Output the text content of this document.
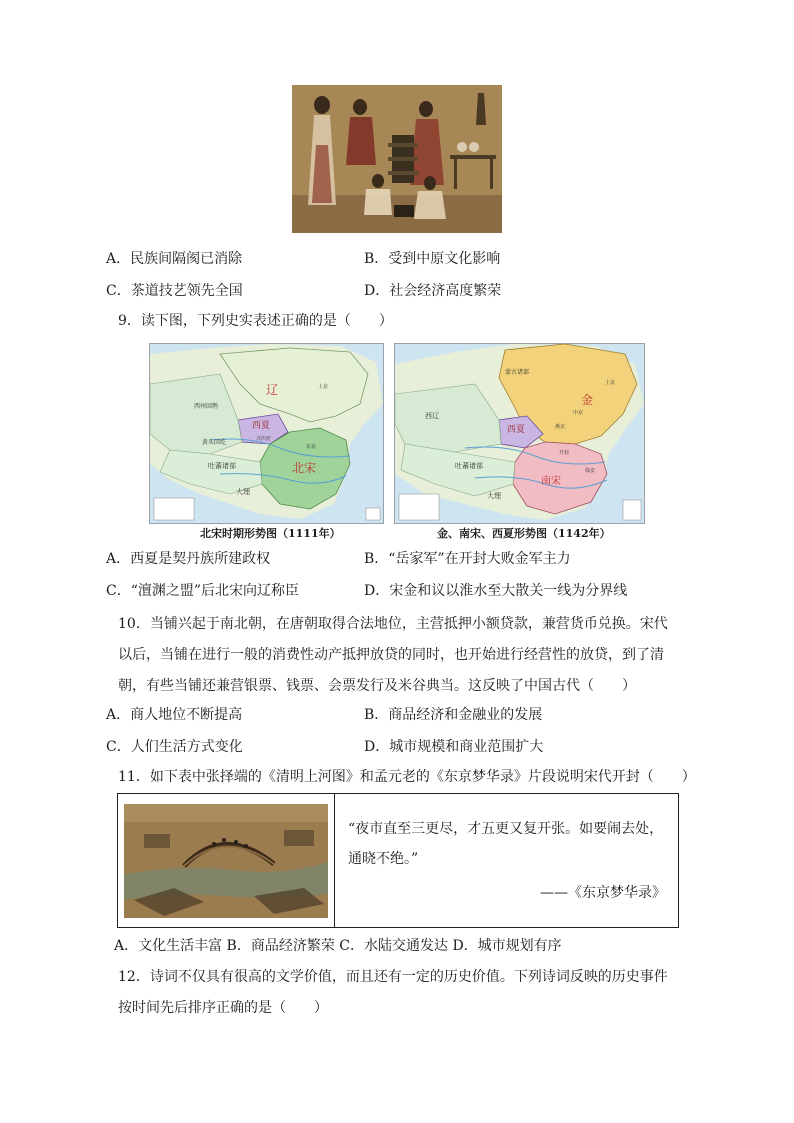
A．民族间隔阂已消除	B．受到中原文化影响
C．茶道技艺领先全国	D．社会经济高度繁荣
9．读下图，下列史实表述正确的是（　　）
辽
西夏
兴庆府
北宋
黄头回纥
西州回鹘
吐蕃诸部
大理
上京
东京
北宋时期形势图（1111年）
金
西夏
南宋
西辽
吐蕃诸部
大理
蒙古诸部
上京
中京
燕京
开封
临安
金、南宋、西夏形势图（1142年）
A．西夏是契丹族所建政权	B．“岳家军”在开封大败金军主力
C．“澶渊之盟”后北宋向辽称臣	D．宋金和议以淮水至大散关一线为分界线
10．当铺兴起于南北朝，在唐朝取得合法地位，主营抵押小额贷款，兼营货币兑换。宋代以后，当铺在进行一般的消费性动产抵押放贷的同时，也开始进行经营性的放贷，到了清朝，有些当铺还兼营银票、钱票、会票发行及米谷典当。这反映了中国古代（　　）
A．商人地位不断提高	B．商品经济和金融业的发展
C．人们生活方式变化	D．城市规模和商业范围扩大
11．如下表中张择端的《清明上河图》和孟元老的《东京梦华录》片段说明宋代开封（　　）
“夜市直至三更尽，才五更又复开张。如要闹去处，通晓不绝。”
——《东京梦华录》
A．文化生活丰富 B．商品经济繁荣 C．水陆交通发达 D．城市规划有序
12．诗词不仅具有很高的文学价值，而且还有一定的历史价值。下列诗词反映的历史事件按时间先后排序正确的是（　　）
